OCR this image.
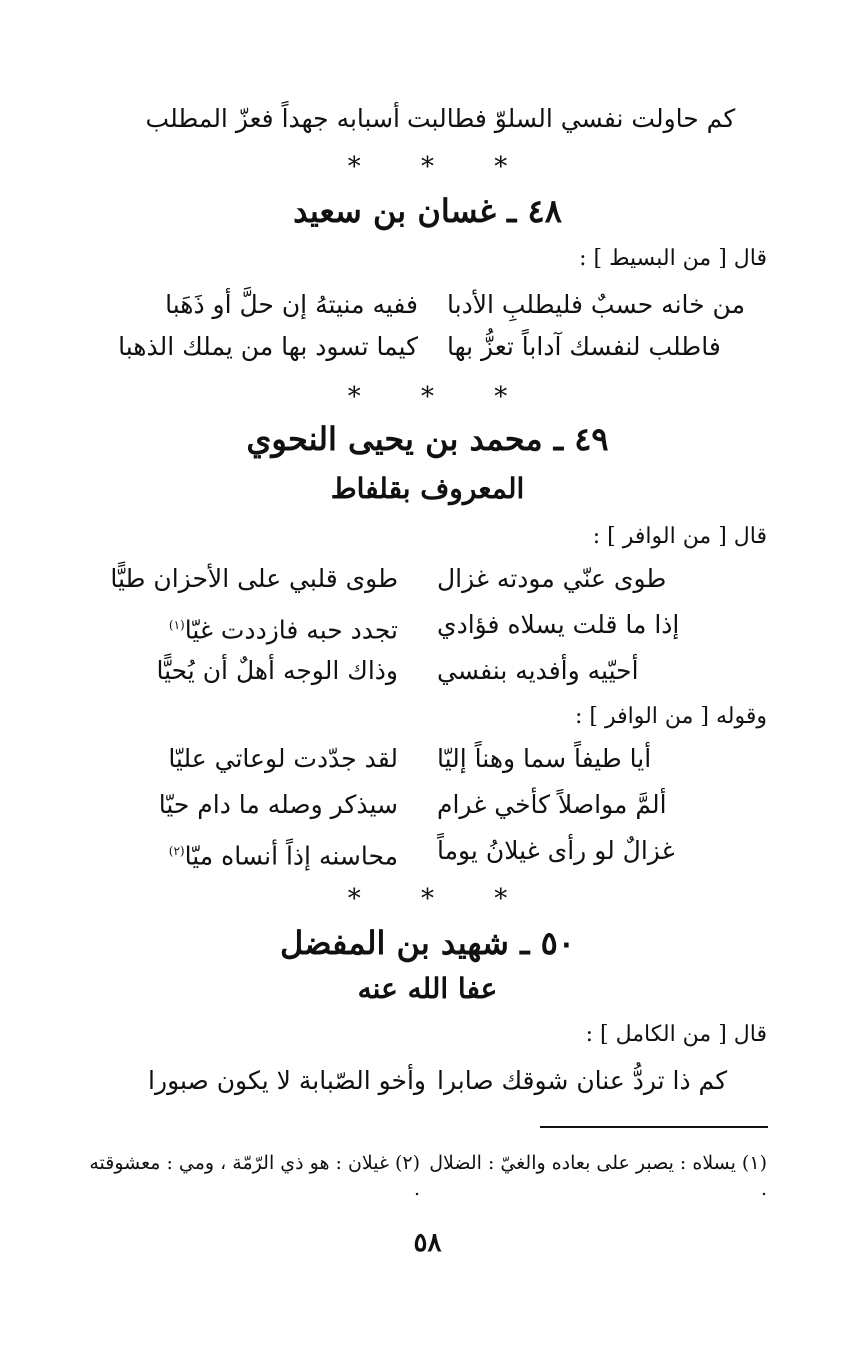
كم حاولت نفسي السلوّ فطالبت
أسبابه جهداً فعزّ المطلب
* * *
٤٨ ـ غسان بن سعيد
قال [ من البسيط ] :
من خانه حسبٌ فليطلبِ الأدبا
ففيه منيتهُ إن حلَّ أو ذَهَبا
فاطلب لنفسك آداباً تعزُّ بها
كيما تسود بها من يملك الذهبا
* * *
٤٩ ـ محمد بن يحيى النحوي
المعروف بقلفاط
قال [ من الوافر ] :
طوى عنّي مودته غزال
طوى قلبي على الأحزان طيًّا
إذا ما قلت يسلاه فؤادي
تجدد حبه فازددت غيّا$^{(١)}$
أحيّيه وأفديه بنفسي
وذاك الوجه أهلٌ أن يُحيًّا
وقوله [ من الوافر ] :
أيا طيفاً سما وهناً إليّا
لقد جدّدت لوعاتي عليّا
ألمَّ مواصلاً كأخي غرام
سيذكر وصله ما دام حيّا
غزالٌ لو رأى غيلانُ يوماً
محاسنه إذاً أنساه ميّا$^{(٢)}$
* * *
٥٠ ـ شهيد بن المفضل
عفا الله عنه
قال [ من الكامل ] :
كم ذا تردُّ عنان شوقك صابرا
وأخو الصّبابة لا يكون صبورا
(١) يسلاه : يصبر على بعاده والغيّ : الضلال .
(٢) غيلان : هو ذي الرّمّة ، ومي : معشوقته .
٥٨
